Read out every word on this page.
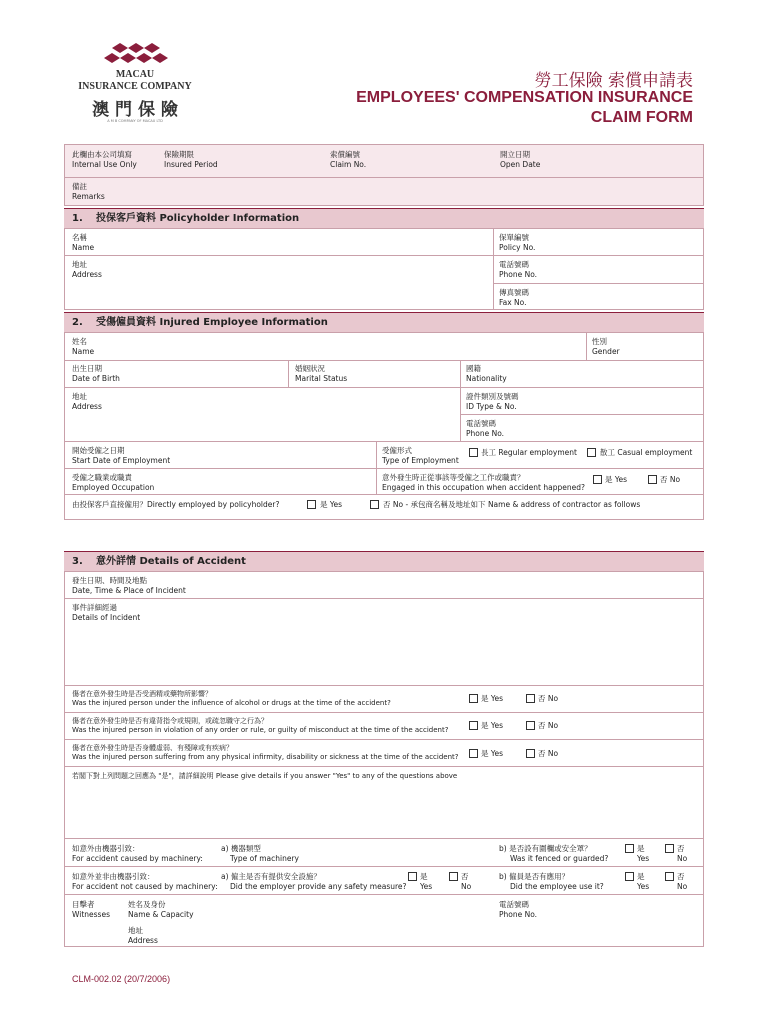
MACAU
INSURANCE COMPANY
澳 門 保 險
A M B COMPANY OF MACAU LTD
勞工保險 索償申請表
EMPLOYEES' COMPENSATION INSURANCE
CLAIM FORM
此欄由本公司填寫
Internal Use Only
保險期限
Insured Period
索償編號
Claim No.
開立日期
Open Date
備註
Remarks
1. 投保客戶資料 Policyholder Information
名稱
Name
保單編號
Policy No.
地址
Address
電話號碼
Phone No.
傳真號碼
Fax No.
2. 受傷僱員資料 Injured Employee Information
姓名
Name
性別
Gender
出生日期
Date of Birth
婚姻狀況
Marital Status
國籍
Nationality
地址
Address
證件類別及號碼
ID Type & No.
電話號碼
Phone No.
開始受僱之日期
Start Date of Employment
受僱形式
Type of Employment
長工 Regular employment	散工 Casual employment
受僱之職業或職責
Employed Occupation
意外發生時正從事該等受僱之工作或職責？
Engaged in this occupation when accident happened?
是 Yes	否 No
由投保客戶直接僱用？Directly employed by policyholder?	是 Yes	否 No - 承包商名稱及地址如下 Name & address of contractor as follows
3. 意外詳情 Details of Accident
發生日期、時間及地點
Date, Time & Place of Incident
事件詳細經過
Details of Incident
傷者在意外發生時是否受酒精或藥物所影響？
Was the injured person under the influence of alcohol or drugs at the time of the accident?	是 Yes	否 No
傷者在意外發生時是否有違背指令或規則，或疏忽職守之行為？
Was the injured person in violation of any order or rule, or guilty of misconduct at the time of the accident?	是 Yes	否 No
傷者在意外發生時是否身體虛弱、有殘障或有疾病？
Was the injured person suffering from any physical infirmity, disability or sickness at the time of the accident?	是 Yes	否 No
若閣下對上列問題之回應為 "是"，請詳細說明 Please give details if you answer "Yes" to any of the questions above
如意外由機器引致：
For accident caused by machinery:
a) 機器類型
Type of machinery
b) 是否設有圍欄或安全罩？
Was it fenced or guarded?
是
Yes
否
No
如意外並非由機器引致：
For accident not caused by machinery:
a) 僱主是否有提供安全設施？
Did the employer provide any safety measure?
是
Yes
否
No
b) 僱員是否有應用？
Did the employee use it?
是
Yes
否
No
目擊者
Witnesses
姓名及身份
Name & Capacity
電話號碼
Phone No.
地址
Address
CLM-002.02 (20/7/2006)
